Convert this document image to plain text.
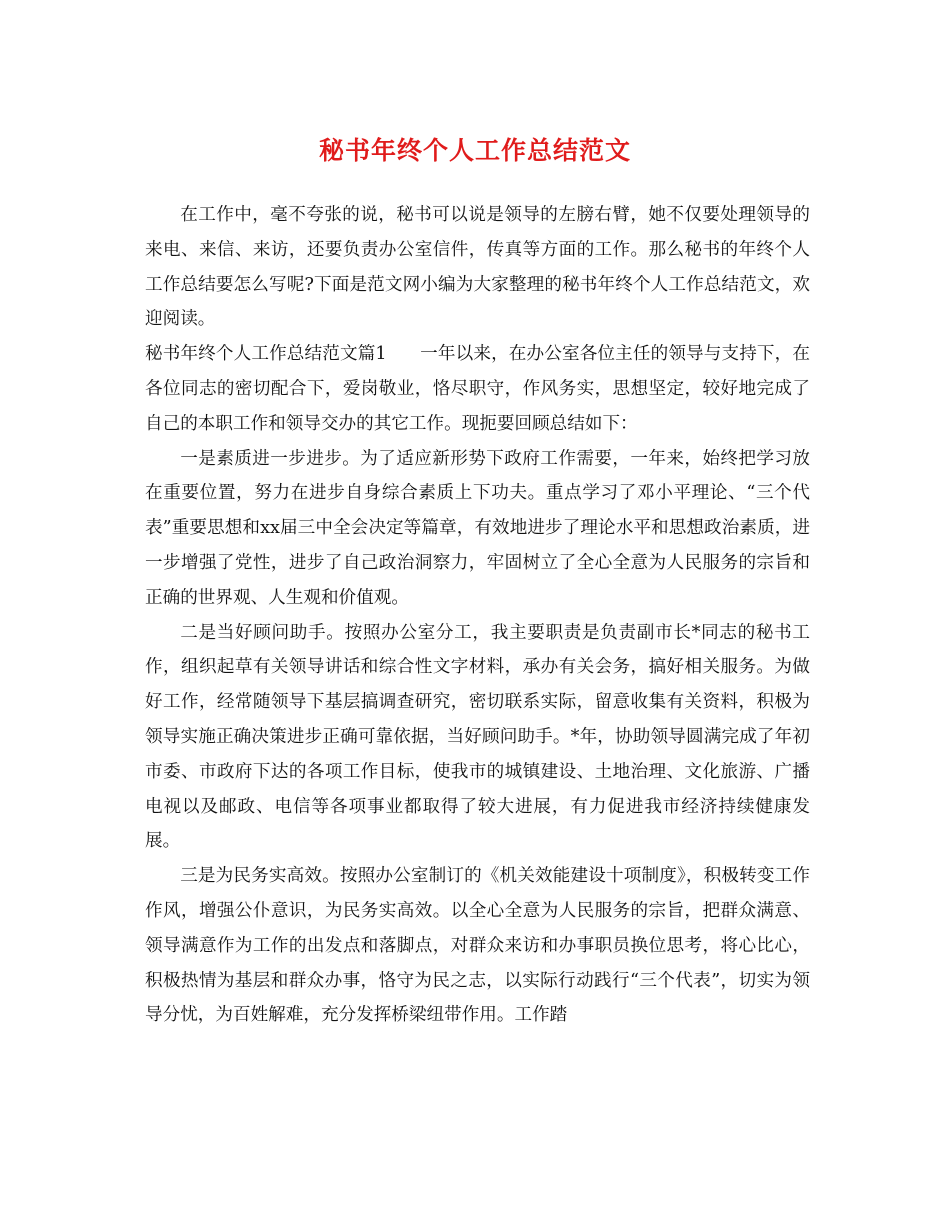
秘书年终个人工作总结范文

在工作中，毫不夸张的说，秘书可以说是领导的左膀右臂，她不仅要处理领导的来电、来信、来访，还要负责办公室信件，传真等方面的工作。那么秘书的年终个人工作总结要怎么写呢?下面是范文网小编为大家整理的秘书年终个人工作总结范文，欢迎阅读。

秘书年终个人工作总结范文篇1 一年以来，在办公室各位主任的领导与支持下，在各位同志的密切配合下，爱岗敬业，恪尽职守，作风务实，思想坚定，较好地完成了自己的本职工作和领导交办的其它工作。现扼要回顾总结如下：

一是素质进一步进步。为了适应新形势下政府工作需要，一年来，始终把学习放在重要位置，努力在进步自身综合素质上下功夫。重点学习了邓小平理论、“三个代表”重要思想和xx届三中全会决定等篇章，有效地进步了理论水平和思想政治素质，进一步增强了党性，进步了自己政治洞察力，牢固树立了全心全意为人民服务的宗旨和正确的世界观、人生观和价值观。

二是当好顾问助手。按照办公室分工，我主要职责是负责副市长*同志的秘书工作，组织起草有关领导讲话和综合性文字材料，承办有关会务，搞好相关服务。为做好工作，经常随领导下基层搞调查研究，密切联系实际，留意收集有关资料，积极为领导实施正确决策进步正确可靠依据，当好顾问助手。*年，协助领导圆满完成了年初市委、市政府下达的各项工作目标，使我市的城镇建设、土地治理、文化旅游、广播电视以及邮政、电信等各项事业都取得了较大进展，有力促进我市经济持续健康发展。

三是为民务实高效。按照办公室制订的《机关效能建设十项制度》，积极转变工作作风，增强公仆意识，为民务实高效。以全心全意为人民服务的宗旨，把群众满意、领导满意作为工作的出发点和落脚点，对群众来访和办事职员换位思考，将心比心，积极热情为基层和群众办事，恪守为民之志，以实际行动践行“三个代表”，切实为领导分忧，为百姓解难，充分发挥桥梁纽带作用。工作踏
